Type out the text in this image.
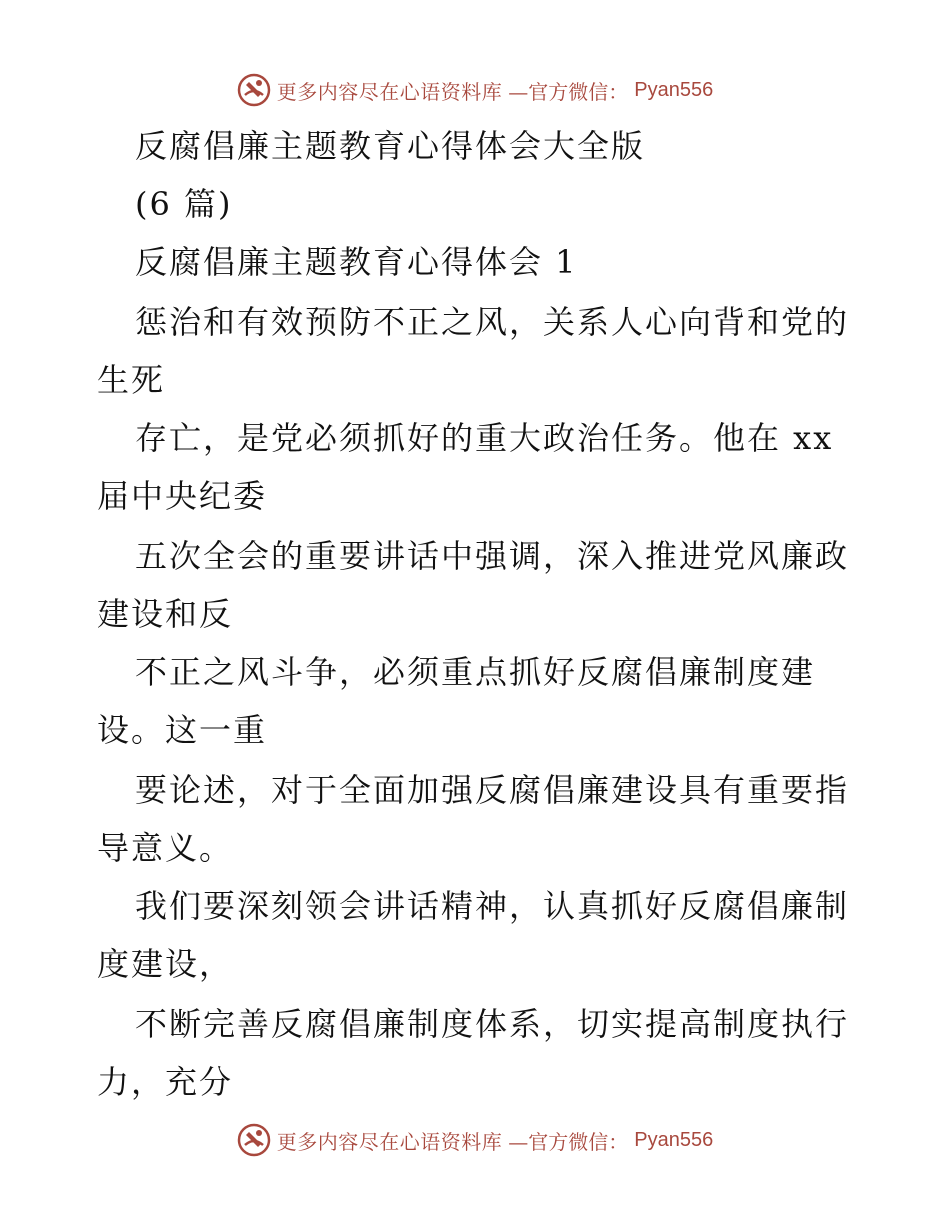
更多内容尽在心语资料库 —官方微信： Pyan556
反腐倡廉主题教育心得体会大全版
(6 篇)
反腐倡廉主题教育心得体会 1
惩治和有效预防不正之风，关系人心向背和党的
生死
存亡，是党必须抓好的重大政治任务。他在 xx
届中央纪委
五次全会的重要讲话中强调，深入推进党风廉政
建设和反
不正之风斗争，必须重点抓好反腐倡廉制度建
设。这一重
要论述，对于全面加强反腐倡廉建设具有重要指
导意义。
我们要深刻领会讲话精神，认真抓好反腐倡廉制
度建设，
不断完善反腐倡廉制度体系，切实提高制度执行
力，充分
更多内容尽在心语资料库 —官方微信： Pyan556
